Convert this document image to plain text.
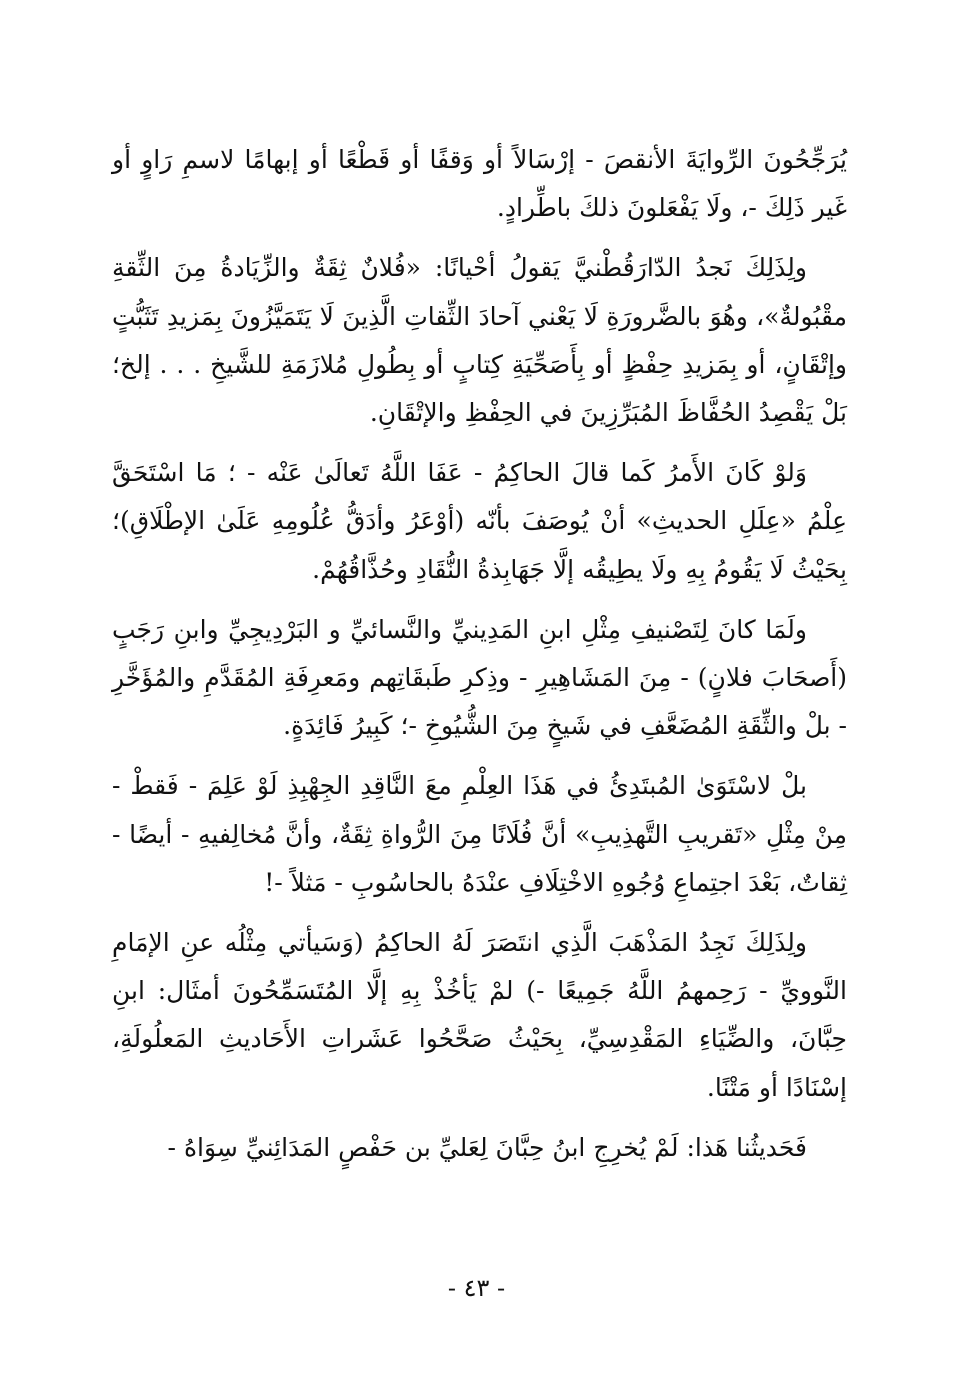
يُرَجِّحُونَ الرِّوايَةَ الأنقصَ - إرْسَالاً أو وَقفًا أو قَطْعًا أو إبهامًا لاسمِ رَاوٍ أو غَير ذَلِكَ -، ولَا يَفْعَلونَ ذلكَ باطِّرادٍ.

ولِذَلِكَ نَجدُ الدّارَقُطْنيَّ يَقولُ أحْيانًا: «فُلانٌ ثِقَةٌ والزِّيَادةُ مِنَ الثِّقةِ مقْبُولةٌ»، وهُوَ بالضَّرورَةِ لَا يَعْني آحادَ الثِّقاتِ الَّذِينَ لَا يَتَمَيَّزُونَ بِمَزيدِ تَثَبُّتٍ وإتْقَانٍ، أو بِمَزيدِ حِفْظٍ أو بِأَصَحِّيَةِ كِتابٍ أو بِطُولِ مُلازَمَةِ للشَّيخِ . . . إلخ؛ بَلْ يَقْصِدُ الحُفَّاظَ المُبَرِّزِينَ في الحِفْظِ والإتْقَانِ.

وَلوْ كَانَ الأَمرُ كَما قالَ الحاكِمُ - عَفَا اللَّهُ تَعالَىٰ عَنْه - ؛ مَا اسْتَحَقَّ عِلْمُ «عِلَلِ الحديثِ» أنْ يُوصَفَ بأنّه (أوْعَرُ وأدَقُّ عُلُومِهِ عَلَىٰ الإطْلَاقِ)؛ بِحَيْثُ لَا يَقُومُ بِهِ ولَا يطِيقُه إلَّا جَهَابِذةُ النُّقَادِ وحُذَّاقُهُمْ.

ولَمَا كانَ لِتَصْنيفِ مِثْلِ ابنِ المَدِينيِّ والنَّسائيِّ و البَرْدِيجِيِّ وابنِ رَجَبٍ (أَصحَابَ فلانٍ) - مِنَ المَشَاهِيرِ - وذِكرِ طَبقَاتِهم ومَعرِفَةِ المُقَدَّمِ والمُؤَخَّرِ - بلْ والثِّقَةِ المُضَعَّفِ في شَيخٍ مِنَ الشُّيُوخِ -؛ كَبِيرُ فَائِدَةٍ.

بلْ لاسْتَوَىٰ المُبتَدِئُ في هَذَا العِلْمِ معَ النَّاقِدِ الجِهْبِذِ لَوْ عَلِمَ - فَقطْ - مِنْ مِثْلِ «تَقريبِ التَّهذِيبِ» أنَّ فُلَانًا مِنَ الرُّواةِ ثِقَةٌ، وأنَّ مُخالِفيهِ - أيضًا - ثِقاتٌ، بَعْدَ اجتِماعِ وُجُوهِ الاخْتِلَافِ عنْدَهُ بالحاسُوبِ - مَثلاً -!

ولِذَلِكَ نَجِدُ المَذْهَبَ الَّذِي انتَصَرَ لَهُ الحاكِمُ (وَسَيأتي مِثْلُه عنِ الإمَامِ النَّوويِّ - رَحِمهمُ اللَّهُ جَمِيعًا -) لمْ يَأخُذْ بِهِ إلَّا المُتَسَمِّحُونَ أمثَال: ابنِ حِبَّانَ، والضِّيَاءِ المَقْدِسِيِّ، بِحَيْثُ صَحَّحُوا عَشَراتِ الأَحَاديثِ المَعلُولَةِ، إسْنَادًا أو مَتْنًا.

فَحَديثُنا هَذا: لَمْ يُخرِجِ ابنُ حِبَّانَ لِعَليِّ بن حَفْصٍ المَدَائِنيِّ سِوَاهُ -

- ٤٣ -
